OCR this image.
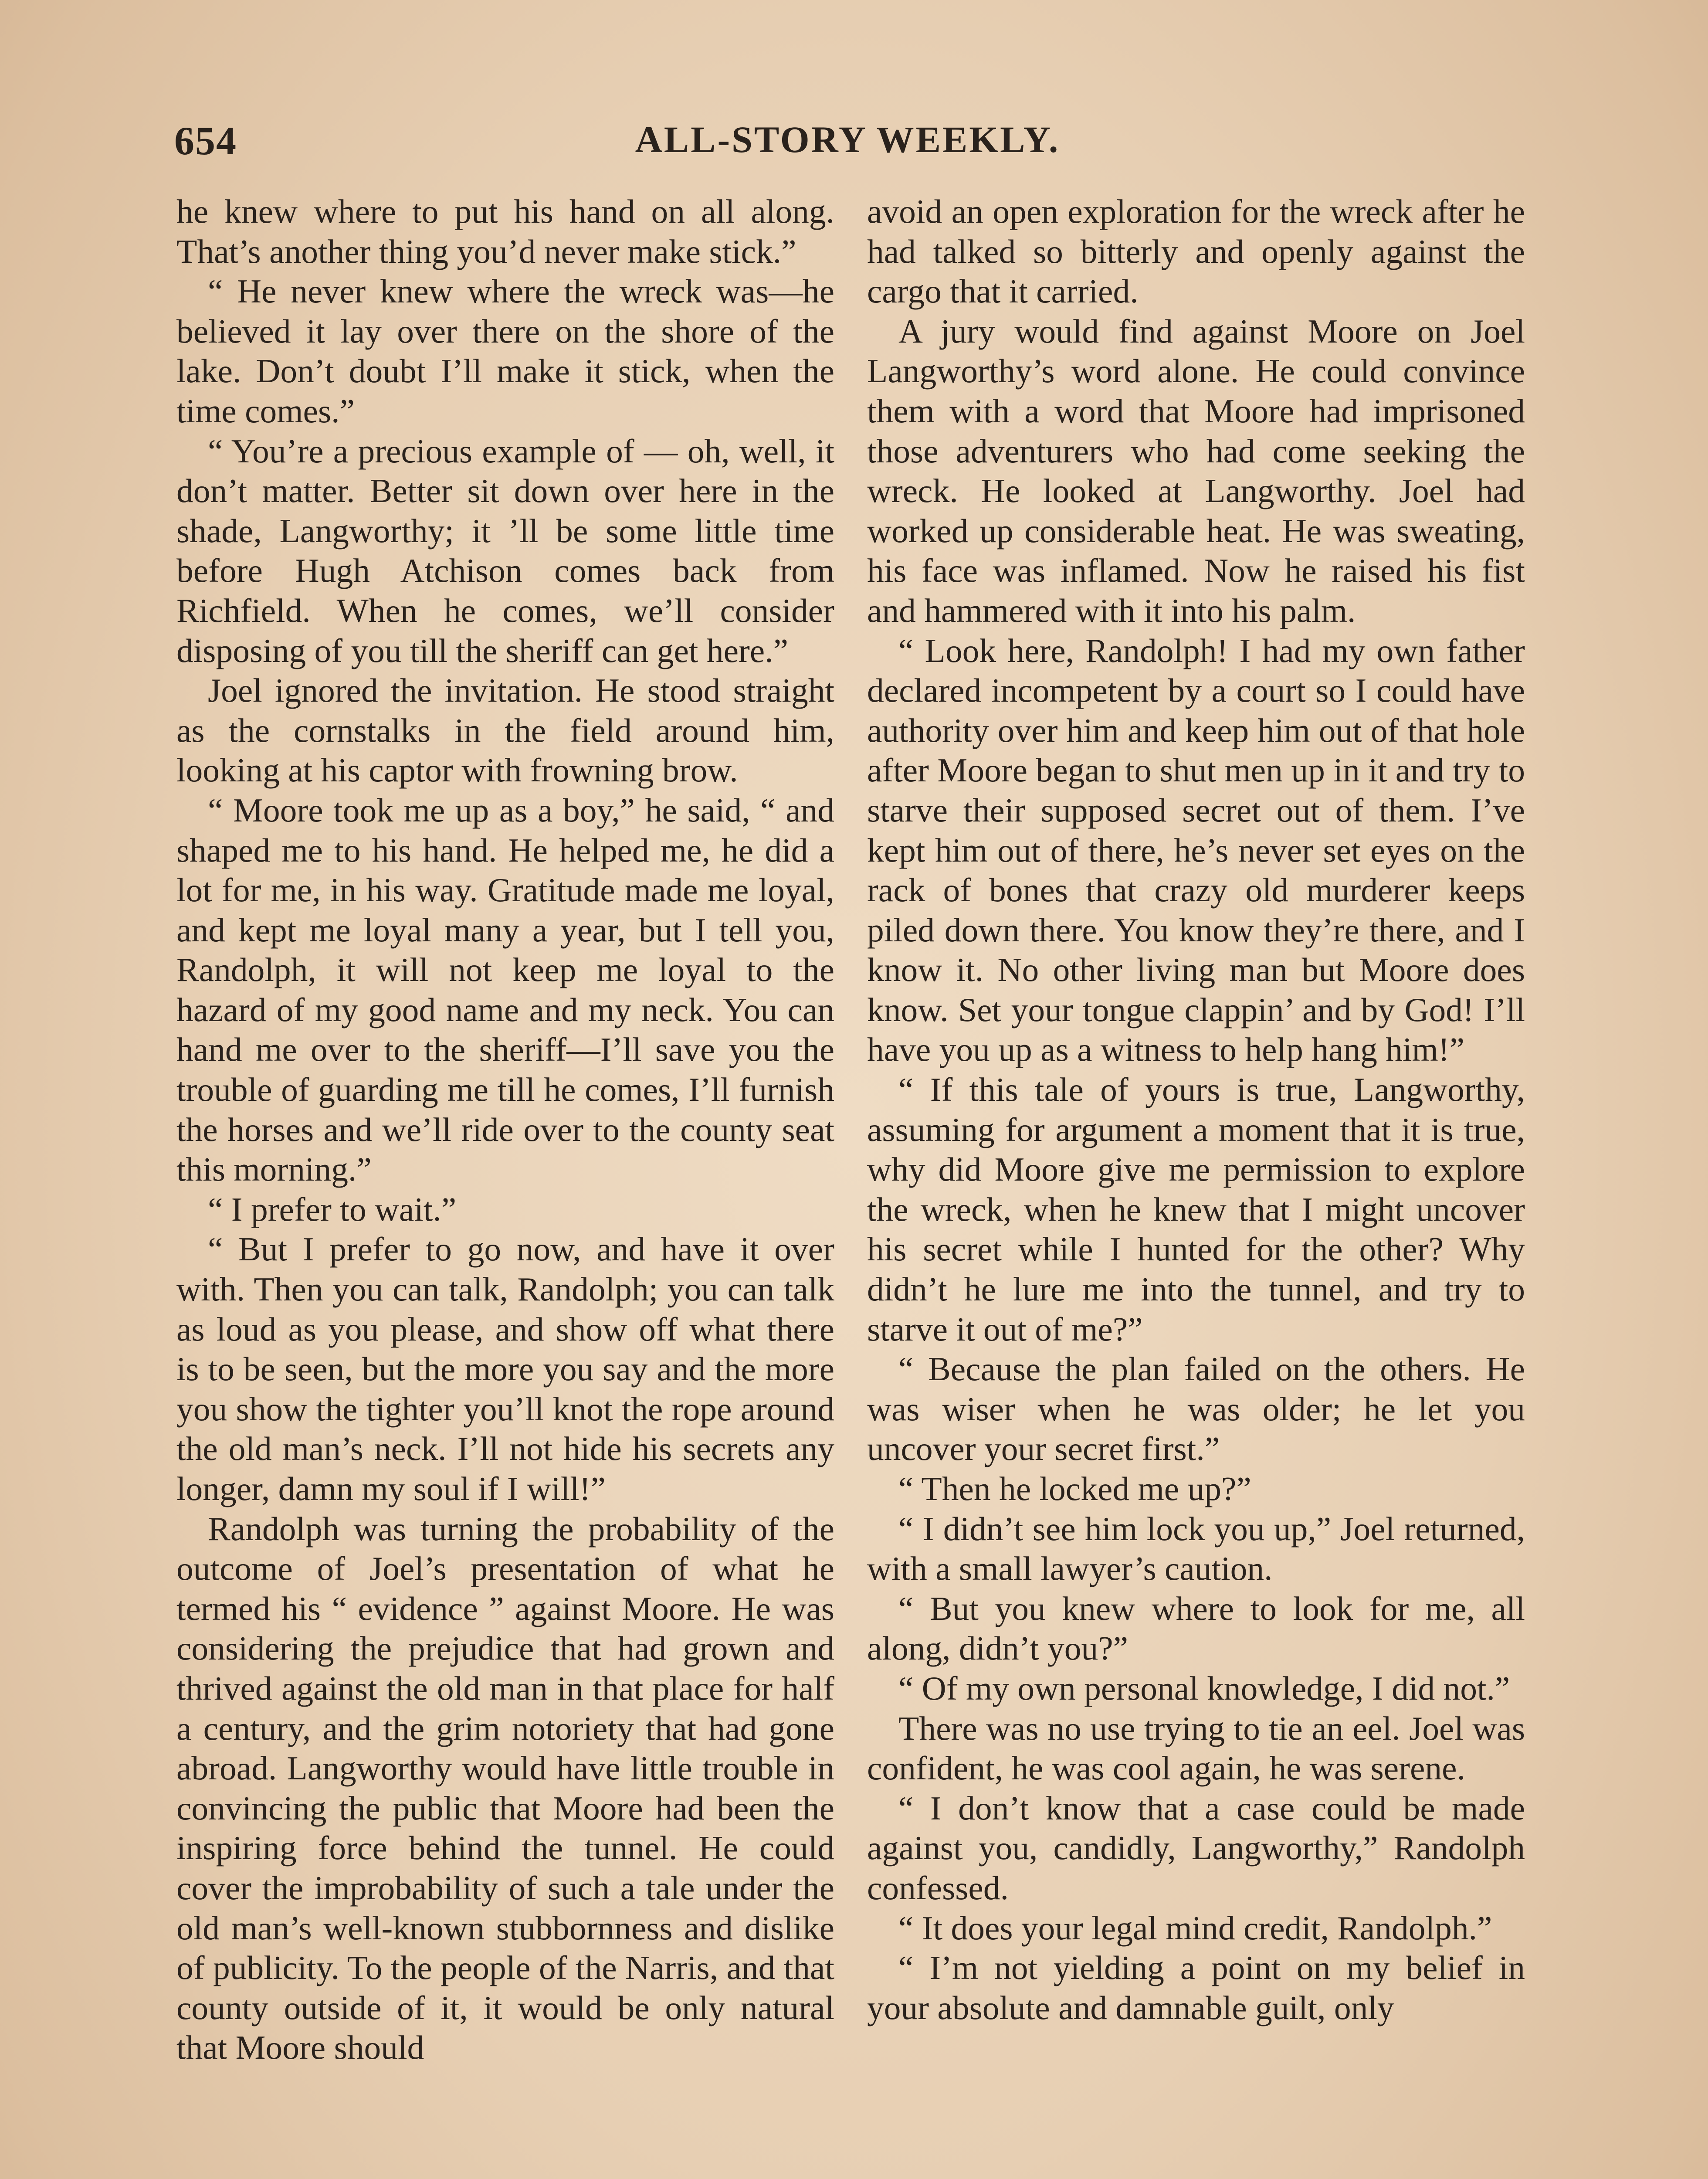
654	ALL-STORY WEEKLY.

he knew where to put his hand on all along. That’s another thing you’d never make stick.”

“ He never knew where the wreck was—he believed it lay over there on the shore of the lake. Don’t doubt I’ll make it stick, when the time comes.”

“ You’re a precious example of — oh, well, it don’t matter. Better sit down over here in the shade, Langworthy; it ’ll be some little time before Hugh Atchison comes back from Richfield. When he comes, we’ll consider disposing of you till the sheriff can get here.”

Joel ignored the invitation. He stood straight as the cornstalks in the field around him, looking at his captor with frowning brow.

“ Moore took me up as a boy,” he said, “ and shaped me to his hand. He helped me, he did a lot for me, in his way. Gratitude made me loyal, and kept me loyal many a year, but I tell you, Randolph, it will not keep me loyal to the hazard of my good name and my neck. You can hand me over to the sheriff—I’ll save you the trouble of guarding me till he comes, I’ll furnish the horses and we’ll ride over to the county seat this morning.”

“ I prefer to wait.”

“ But I prefer to go now, and have it over with. Then you can talk, Randolph; you can talk as loud as you please, and show off what there is to be seen, but the more you say and the more you show the tighter you’ll knot the rope around the old man’s neck. I’ll not hide his secrets any longer, damn my soul if I will!”

Randolph was turning the probability of the outcome of Joel’s presentation of what he termed his “ evidence ” against Moore. He was considering the prejudice that had grown and thrived against the old man in that place for half a century, and the grim notoriety that had gone abroad. Langworthy would have little trouble in convincing the public that Moore had been the inspiring force behind the tunnel. He could cover the improbability of such a tale under the old man’s well-known stubbornness and dislike of publicity. To the people of the Narris, and that county outside of it, it would be only natural that Moore should

avoid an open exploration for the wreck after he had talked so bitterly and openly against the cargo that it carried.

A jury would find against Moore on Joel Langworthy’s word alone. He could convince them with a word that Moore had imprisoned those adventurers who had come seeking the wreck. He looked at Langworthy. Joel had worked up considerable heat. He was sweating, his face was inflamed. Now he raised his fist and hammered with it into his palm.

“ Look here, Randolph! I had my own father declared incompetent by a court so I could have authority over him and keep him out of that hole after Moore began to shut men up in it and try to starve their supposed secret out of them. I’ve kept him out of there, he’s never set eyes on the rack of bones that crazy old murderer keeps piled down there. You know they’re there, and I know it. No other living man but Moore does know. Set your tongue clappin’ and by God! I’ll have you up as a witness to help hang him!”

“ If this tale of yours is true, Langworthy, assuming for argument a moment that it is true, why did Moore give me permission to explore the wreck, when he knew that I might uncover his secret while I hunted for the other? Why didn’t he lure me into the tunnel, and try to starve it out of me?”

“ Because the plan failed on the others. He was wiser when he was older; he let you uncover your secret first.”

“ Then he locked me up?”

“ I didn’t see him lock you up,” Joel returned, with a small lawyer’s caution.

“ But you knew where to look for me, all along, didn’t you?”

“ Of my own personal knowledge, I did not.”

There was no use trying to tie an eel. Joel was confident, he was cool again, he was serene.

“ I don’t know that a case could be made against you, candidly, Langworthy,” Randolph confessed.

“ It does your legal mind credit, Randolph.”

“ I’m not yielding a point on my belief in your absolute and damnable guilt, only
